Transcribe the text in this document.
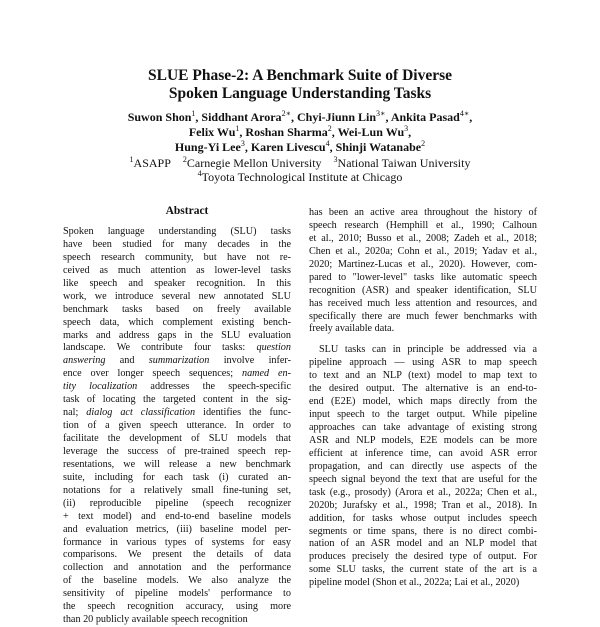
SLUE Phase-2: A Benchmark Suite of Diverse
Spoken Language Understanding Tasks
Suwon Shon$^1$, Siddhant Arora$^{2∗}$, Chyi-Jiunn Lin$^{3∗}$, Ankita Pasad$^{4∗}$,
Felix Wu$^1$, Roshan Sharma$^2$, Wei-Lun Wu$^3$,
Hung-Yi Lee$^3$, Karen Livescu$^4$, Shinji Watanabe$^2$
$^1$ASAPP  $^2$Carnegie Mellon University  $^3$National Taiwan University
$^4$Toyota Technological Institute at Chicago
Abstract
Spoken language understanding (SLU) tasks
have been studied for many decades in the
speech research community, but have not re-
ceived as much attention as lower-level tasks
like speech and speaker recognition. In this
work, we introduce several new annotated SLU
benchmark tasks based on freely available
speech data, which complement existing bench-
marks and address gaps in the SLU evaluation
landscape. We contribute four tasks: question
answering and summarization involve infer-
ence over longer speech sequences; named en-
tity localization addresses the speech-specific
task of locating the targeted content in the sig-
nal; dialog act classification identifies the func-
tion of a given speech utterance. In order to
facilitate the development of SLU models that
leverage the success of pre-trained speech rep-
resentations, we will release a new benchmark
suite, including for each task (i) curated an-
notations for a relatively small fine-tuning set,
(ii) reproducible pipeline (speech recognizer
+ text model) and end-to-end baseline models
and evaluation metrics, (iii) baseline model per-
formance in various types of systems for easy
comparisons. We present the details of data
collection and annotation and the performance
of the baseline models. We also analyze the
sensitivity of pipeline models' performance to
the speech recognition accuracy, using more
than 20 publicly available speech recognition
has been an active area throughout the history of
speech research (Hemphill et al., 1990; Calhoun
et al., 2010; Busso et al., 2008; Zadeh et al., 2018;
Chen et al., 2020a; Cohn et al., 2019; Yadav et al.,
2020; Martinez-Lucas et al., 2020). However, com-
pared to "lower-level" tasks like automatic speech
recognition (ASR) and speaker identification, SLU
has received much less attention and resources, and
specifically there are much fewer benchmarks with
freely available data.
SLU tasks can in principle be addressed via a
pipeline approach — using ASR to map speech
to text and an NLP (text) model to map text to
the desired output. The alternative is an end-to-
end (E2E) model, which maps directly from the
input speech to the target output. While pipeline
approaches can take advantage of existing strong
ASR and NLP models, E2E models can be more
efficient at inference time, can avoid ASR error
propagation, and can directly use aspects of the
speech signal beyond the text that are useful for the
task (e.g., prosody) (Arora et al., 2022a; Chen et al.,
2020b; Jurafsky et al., 1998; Tran et al., 2018). In
addition, for tasks whose output includes speech
segments or time spans, there is no direct combi-
nation of an ASR model and an NLP model that
produces precisely the desired type of output. For
some SLU tasks, the current state of the art is a
pipeline model (Shon et al., 2022a; Lai et al., 2020)
